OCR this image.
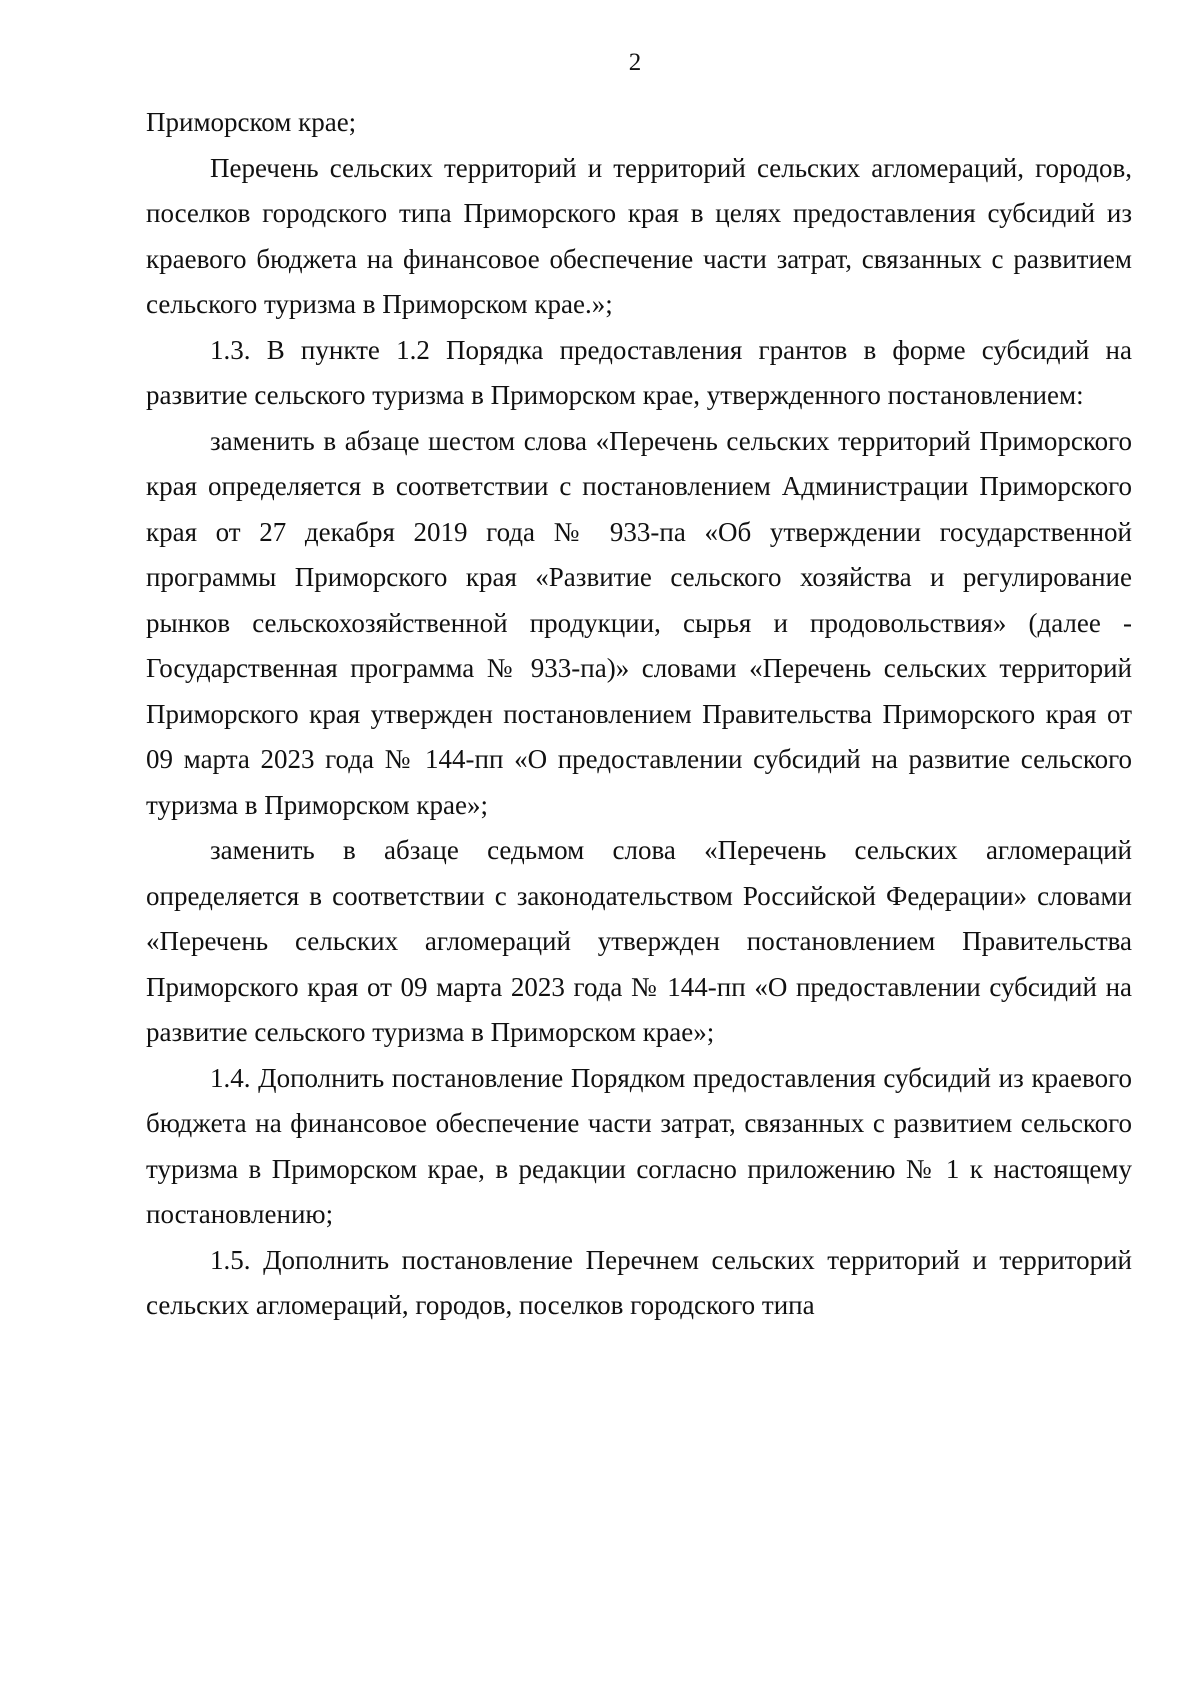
2

Приморском крае;

Перечень сельских территорий и территорий сельских агломераций, городов, поселков городского типа Приморского края в целях предоставления субсидий из краевого бюджета на финансовое обеспечение части затрат, связанных с развитием сельского туризма в Приморском крае.»;

1.3. В пункте 1.2 Порядка предоставления грантов в форме субсидий на развитие сельского туризма в Приморском крае, утвержденного постановлением:

заменить в абзаце шестом слова «Перечень сельских территорий Приморского края определяется в соответствии с постановлением Администрации Приморского края от 27 декабря 2019 года № 933-па «Об утверждении государственной программы Приморского края «Развитие сельского хозяйства и регулирование рынков сельскохозяйственной продукции, сырья и продовольствия» (далее - Государственная программа № 933-па)» словами «Перечень сельских территорий Приморского края утвержден постановлением Правительства Приморского края от 09 марта 2023 года № 144-пп «О предоставлении субсидий на развитие сельского туризма в Приморском крае»;

заменить в абзаце седьмом слова «Перечень сельских агломераций определяется в соответствии с законодательством Российской Федерации» словами «Перечень сельских агломераций утвержден постановлением Правительства Приморского края от 09 марта 2023 года № 144-пп «О предоставлении субсидий на развитие сельского туризма в Приморском крае»;

1.4. Дополнить постановление Порядком предоставления субсидий из краевого бюджета на финансовое обеспечение части затрат, связанных с развитием сельского туризма в Приморском крае, в редакции согласно приложению № 1 к настоящему постановлению;

1.5. Дополнить постановление Перечнем сельских территорий и территорий сельских агломераций, городов, поселков городского типа
